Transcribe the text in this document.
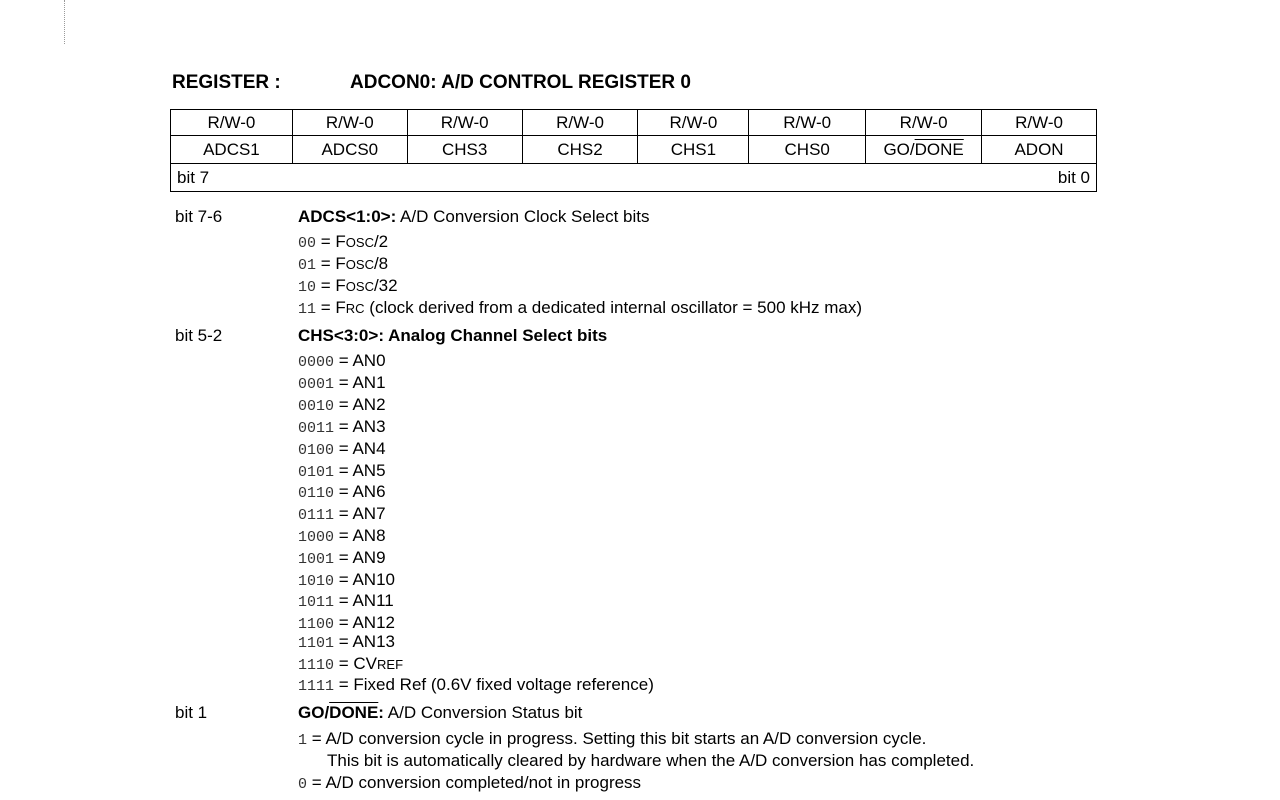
REGISTER :	ADCON0: A/D CONTROL REGISTER 0
R/W-0	R/W-0	R/W-0	R/W-0	R/W-0	R/W-0	R/W-0	R/W-0
ADCS1	ADCS0	CHS3	CHS2	CHS1	CHS0	GO/DONE	ADON

bit 7 bit 0							
bit 7-6	ADCS<1:0>: A/D Conversion Clock Select bits
00 = FOSC/2
01 = FOSC/8
10 = FOSC/32
11 = FRC (clock derived from a dedicated internal oscillator = 500 kHz max)
bit 5-2	CHS<3:0>: Analog Channel Select bits
0000 = AN0
0001 = AN1
0010 = AN2
0011 = AN3
0100 = AN4
0101 = AN5
0110 = AN6
0111 = AN7
1000 = AN8
1001 = AN9
1010 = AN10
1011 = AN11
1100 = AN12
1101 = AN13
1110 = CVREF
1111 = Fixed Ref (0.6V fixed voltage reference)
bit 1	GO/DONE: A/D Conversion Status bit
1 = A/D conversion cycle in progress. Setting this bit starts an A/D conversion cycle.
This bit is automatically cleared by hardware when the A/D conversion has completed.
0 = A/D conversion completed/not in progress
